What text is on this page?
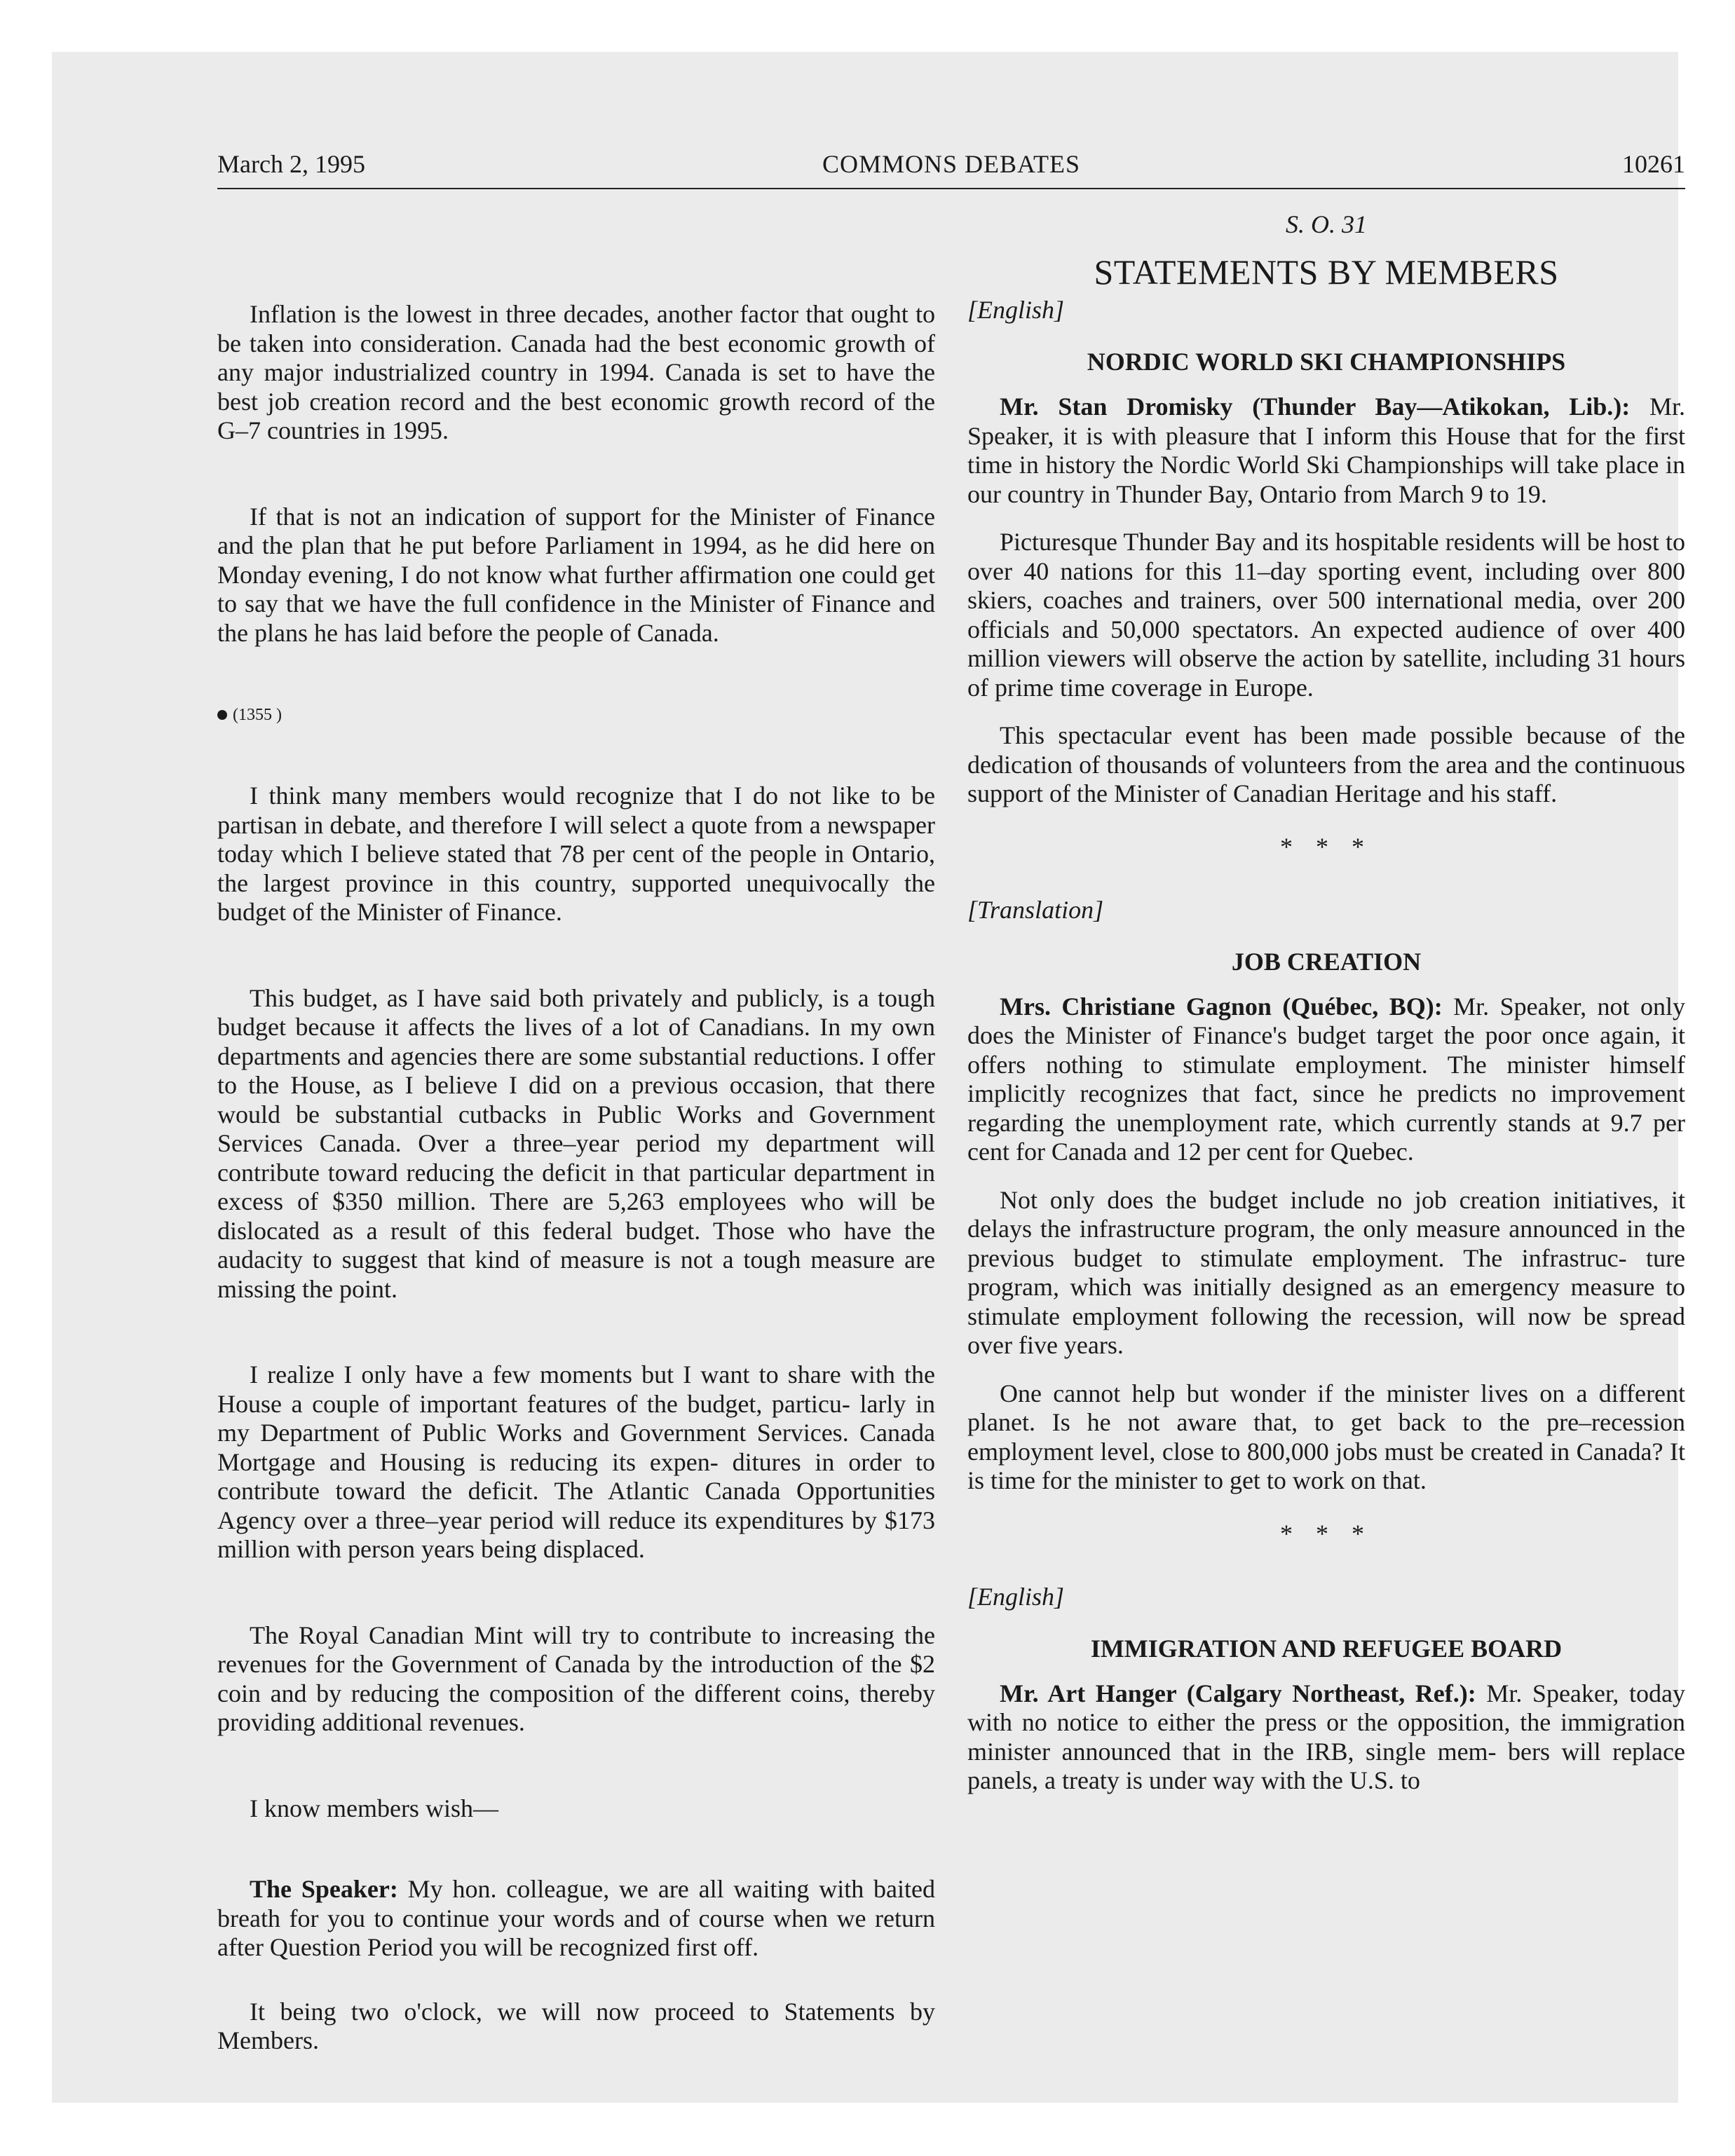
March 2, 1995	COMMONS DEBATES	10261

Inflation is the lowest in three decades, another factor that ought to be taken into consideration. Canada had the best economic growth of any major industrialized country in 1994. Canada is set to have the best job creation record and the best economic growth record of the G–7 countries in 1995.

If that is not an indication of support for the Minister of Finance and the plan that he put before Parliament in 1994, as he did here on Monday evening, I do not know what further affirmation one could get to say that we have the full confidence in the Minister of Finance and the plans he has laid before the people of Canada.

(1355 )

I think many members would recognize that I do not like to be partisan in debate, and therefore I will select a quote from a newspaper today which I believe stated that 78 per cent of the people in Ontario, the largest province in this country, supported unequivocally the budget of the Minister of Finance.

This budget, as I have said both privately and publicly, is a tough budget because it affects the lives of a lot of Canadians. In my own departments and agencies there are some substantial reductions. I offer to the House, as I believe I did on a previous occasion, that there would be substantial cutbacks in Public Works and Government Services Canada. Over a three–year period my department will contribute toward reducing the deficit in that particular department in excess of $350 million. There are 5,263 employees who will be dislocated as a result of this federal budget. Those who have the audacity to suggest that kind of measure is not a tough measure are missing the point.

I realize I only have a few moments but I want to share with the House a couple of important features of the budget, particu- larly in my Department of Public Works and Government Services. Canada Mortgage and Housing is reducing its expen- ditures in order to contribute toward the deficit. The Atlantic Canada Opportunities Agency over a three–year period will reduce its expenditures by $173 million with person years being displaced.

The Royal Canadian Mint will try to contribute to increasing the revenues for the Government of Canada by the introduction of the $2 coin and by reducing the composition of the different coins, thereby providing additional revenues.

I know members wish—

The Speaker: My hon. colleague, we are all waiting with baited breath for you to continue your words and of course when we return after Question Period you will be recognized first off.

It being two o'clock, we will now proceed to Statements by Members.

S. O. 31
STATEMENTS BY MEMBERS
[English]
NORDIC WORLD SKI CHAMPIONSHIPS

Mr. Stan Dromisky (Thunder Bay—Atikokan, Lib.): Mr. Speaker, it is with pleasure that I inform this House that for the first time in history the Nordic World Ski Championships will take place in our country in Thunder Bay, Ontario from March 9 to 19.

Picturesque Thunder Bay and its hospitable residents will be host to over 40 nations for this 11–day sporting event, including over 800 skiers, coaches and trainers, over 500 international media, over 200 officials and 50,000 spectators. An expected audience of over 400 million viewers will observe the action by satellite, including 31 hours of prime time coverage in Europe.

This spectacular event has been made possible because of the dedication of thousands of volunteers from the area and the continuous support of the Minister of Canadian Heritage and his staff.

* * *
[Translation]
JOB CREATION

Mrs. Christiane Gagnon (Québec, BQ): Mr. Speaker, not only does the Minister of Finance's budget target the poor once again, it offers nothing to stimulate employment. The minister himself implicitly recognizes that fact, since he predicts no improvement regarding the unemployment rate, which currently stands at 9.7 per cent for Canada and 12 per cent for Quebec.

Not only does the budget include no job creation initiatives, it delays the infrastructure program, the only measure announced in the previous budget to stimulate employment. The infrastruc- ture program, which was initially designed as an emergency measure to stimulate employment following the recession, will now be spread over five years.

One cannot help but wonder if the minister lives on a different planet. Is he not aware that, to get back to the pre–recession employment level, close to 800,000 jobs must be created in Canada? It is time for the minister to get to work on that.

* * *
[English]
IMMIGRATION AND REFUGEE BOARD

Mr. Art Hanger (Calgary Northeast, Ref.): Mr. Speaker, today with no notice to either the press or the opposition, the immigration minister announced that in the IRB, single mem- bers will replace panels, a treaty is under way with the U.S. to
